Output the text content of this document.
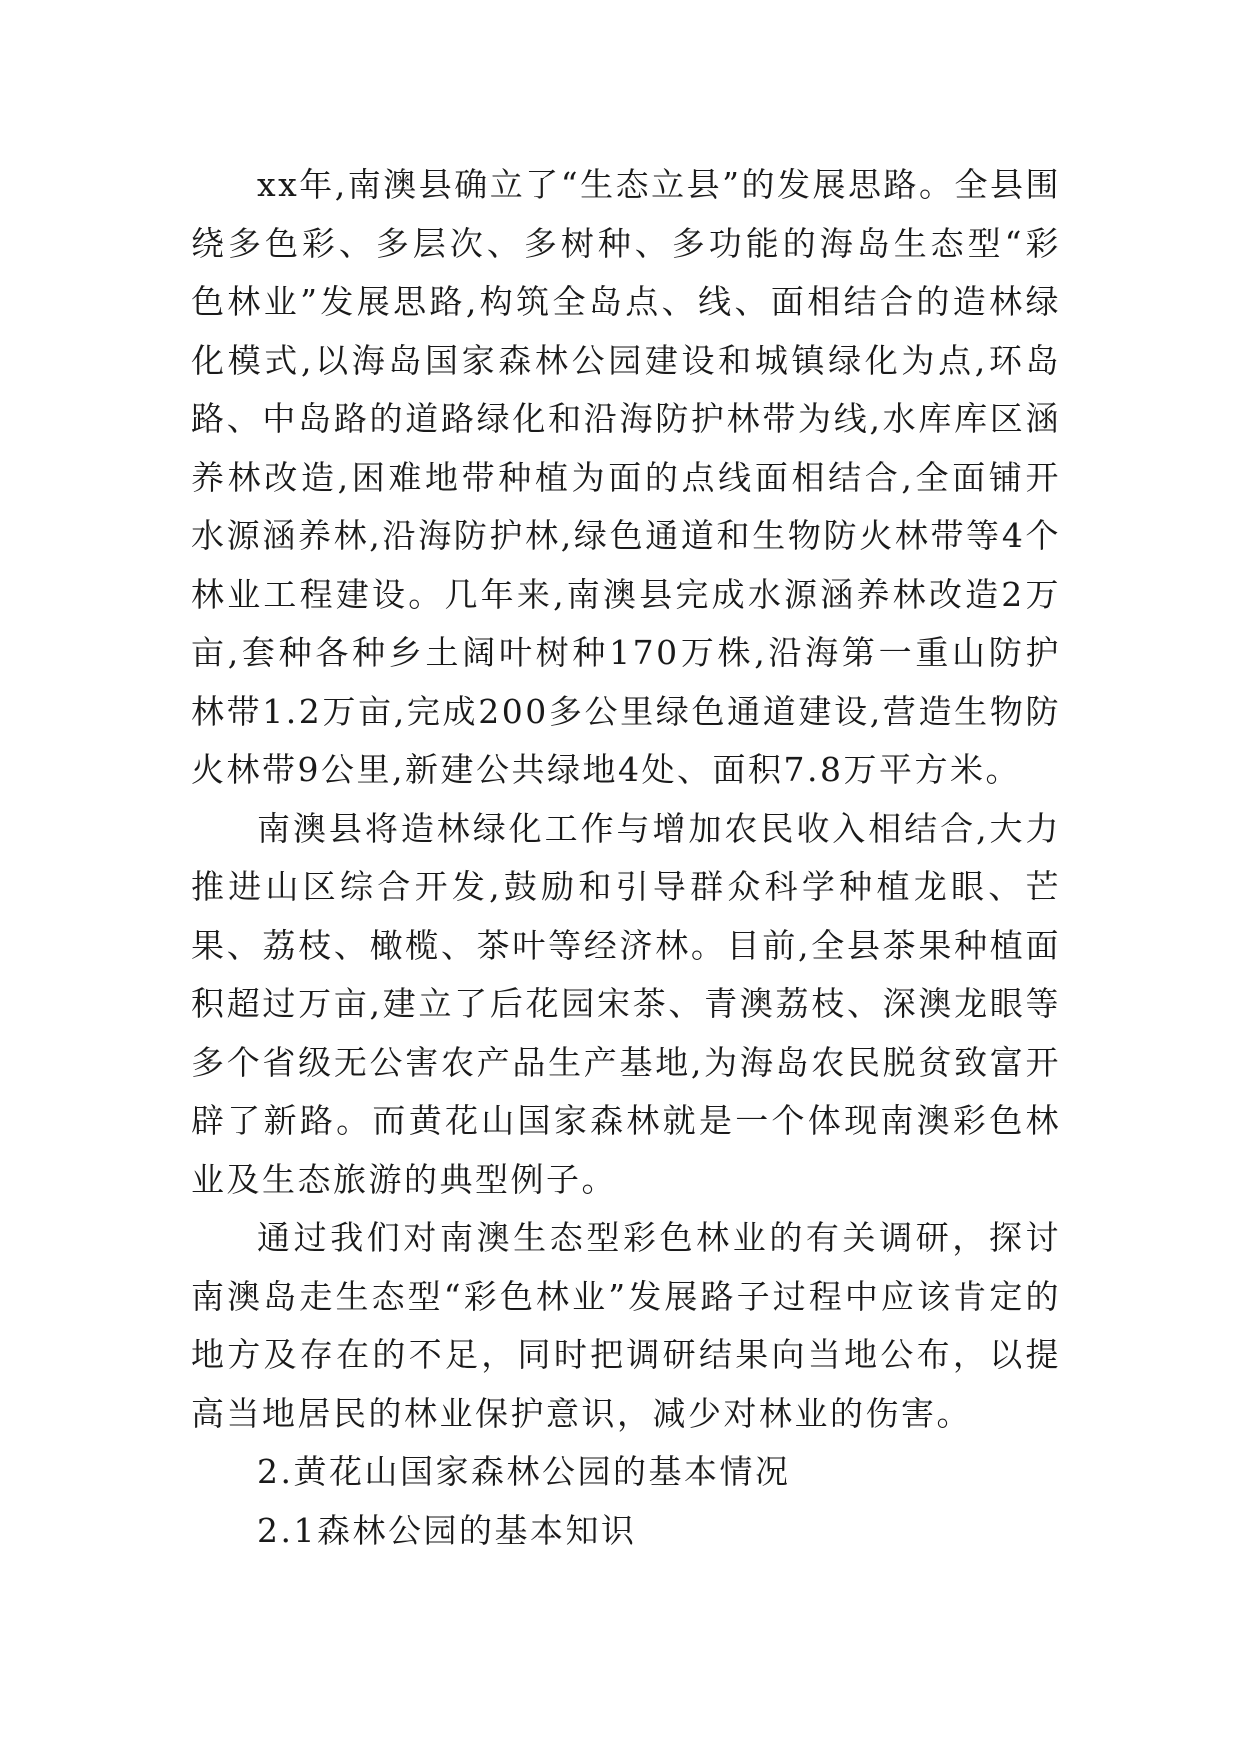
xx年,南澳县确立了“生态立县”的发展思路。全县围绕多色彩、多层次、多树种、多功能的海岛生态型“彩色林业”发展思路,构筑全岛点、线、面相结合的造林绿化模式,以海岛国家森林公园建设和城镇绿化为点,环岛路、中岛路的道路绿化和沿海防护林带为线,水库库区涵养林改造,困难地带种植为面的点线面相结合,全面铺开水源涵养林,沿海防护林,绿色通道和生物防火林带等4个林业工程建设。几年来,南澳县完成水源涵养林改造2万亩,套种各种乡土阔叶树种170万株,沿海第一重山防护林带1.2万亩,完成200多公里绿色通道建设,营造生物防火林带9公里,新建公共绿地4处、面积7.8万平方米。

南澳县将造林绿化工作与增加农民收入相结合,大力推进山区综合开发,鼓励和引导群众科学种植龙眼、芒果、荔枝、橄榄、茶叶等经济林。目前,全县茶果种植面积超过万亩,建立了后花园宋茶、青澳荔枝、深澳龙眼等多个省级无公害农产品生产基地,为海岛农民脱贫致富开辟了新路。而黄花山国家森林就是一个体现南澳彩色林业及生态旅游的典型例子。

通过我们对南澳生态型彩色林业的有关调研，探讨南澳岛走生态型“彩色林业”发展路子过程中应该肯定的地方及存在的不足，同时把调研结果向当地公布，以提高当地居民的林业保护意识，减少对林业的伤害。

2.黄花山国家森林公园的基本情况

2.1森林公园的基本知识
